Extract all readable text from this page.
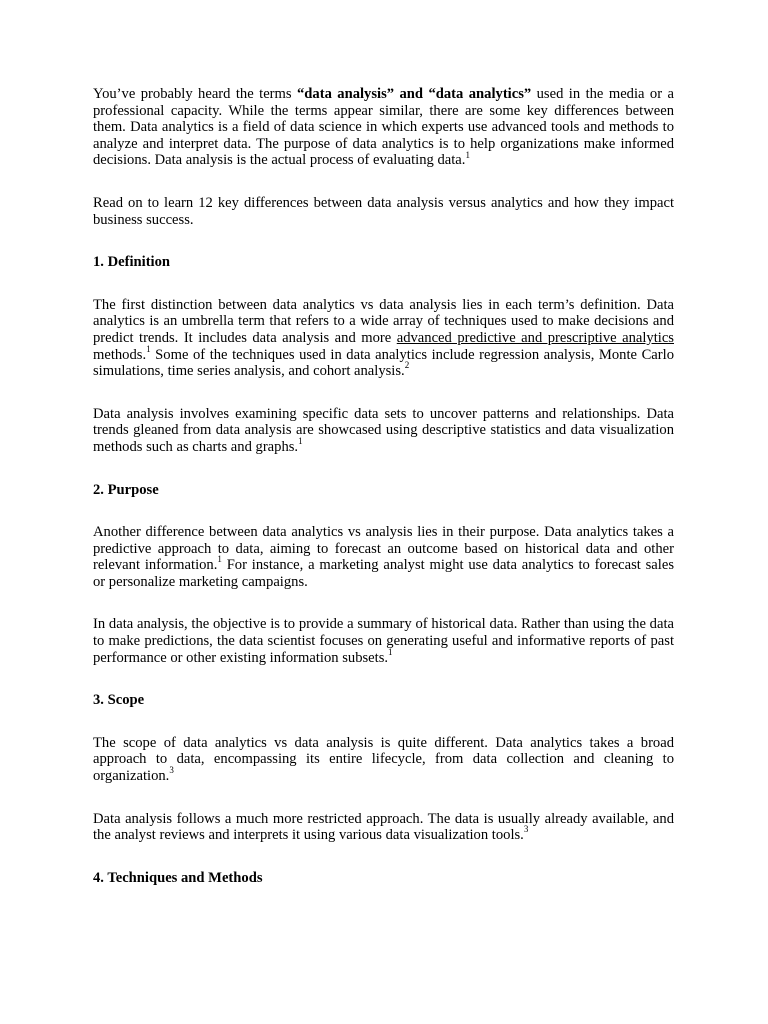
You’ve probably heard the terms “data analysis” and “data analytics” used in the media or a professional capacity. While the terms appear similar, there are some key differences between them. Data analytics is a field of data science in which experts use advanced tools and methods to analyze and interpret data. The purpose of data analytics is to help organizations make informed decisions. Data analysis is the actual process of evaluating data.$^1$

Read on to learn 12 key differences between data analysis versus analytics and how they impact business success.

1. Definition

The first distinction between data analytics vs data analysis lies in each term’s definition. Data analytics is an umbrella term that refers to a wide array of techniques used to make decisions and predict trends. It includes data analysis and more advanced predictive and prescriptive analytics methods.$^1$ Some of the techniques used in data analytics include regression analysis, Monte Carlo simulations, time series analysis, and cohort analysis.$^2$

Data analysis involves examining specific data sets to uncover patterns and relationships. Data trends gleaned from data analysis are showcased using descriptive statistics and data visualization methods such as charts and graphs.$^1$

2. Purpose

Another difference between data analytics vs analysis lies in their purpose. Data analytics takes a predictive approach to data, aiming to forecast an outcome based on historical data and other relevant information.$^1$ For instance, a marketing analyst might use data analytics to forecast sales or personalize marketing campaigns.

In data analysis, the objective is to provide a summary of historical data. Rather than using the data to make predictions, the data scientist focuses on generating useful and informative reports of past performance or other existing information subsets.$^1$

3. Scope

The scope of data analytics vs data analysis is quite different. Data analytics takes a broad approach to data, encompassing its entire lifecycle, from data collection and cleaning to organization.$^3$

Data analysis follows a much more restricted approach. The data is usually already available, and the analyst reviews and interprets it using various data visualization tools.$^3$

4. Techniques and Methods
